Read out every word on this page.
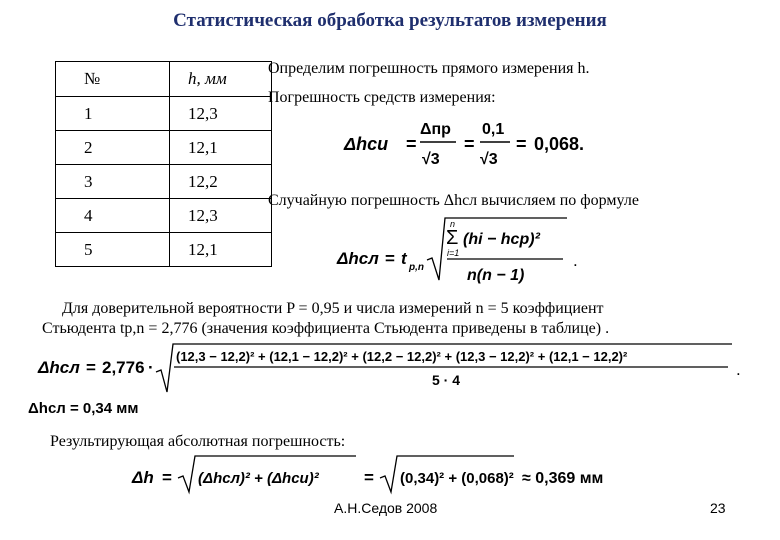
Статистическая обработка результатов измерения
№	h, мм
1	12,3
2	12,1
3	12,2
4	12,3
5	12,1
Определим погрешность прямого измерения h.
Погрешность средств измерения:
Δhси =
Δпр
√3
=
0,1
√3
= 0,068.
Случайную погрешность Δhсл вычисляем по формуле
Δhсл = t p,n
n
Σ
i=1
(hi − hср)²
n(n − 1)
.
Для доверительной вероятности P = 0,95 и числа измерений n = 5 коэффициент
Стьюдента tp,n = 2,776 (значения коэффициента Стьюдента приведены в таблице) .
Δhсл = 2,776 ·
(12,3 − 12,2)² + (12,1 − 12,2)² + (12,2 − 12,2)² + (12,3 − 12,2)² + (12,1 − 12,2)²
5 · 4
.
Δhсл = 0,34 мм
Результирующая абсолютная погрешность:
Δh = (Δhсл)² + (Δhси)²	= (0,34)² + (0,068)² ≈ 0,369 мм
А.Н.Седов 2008	23
